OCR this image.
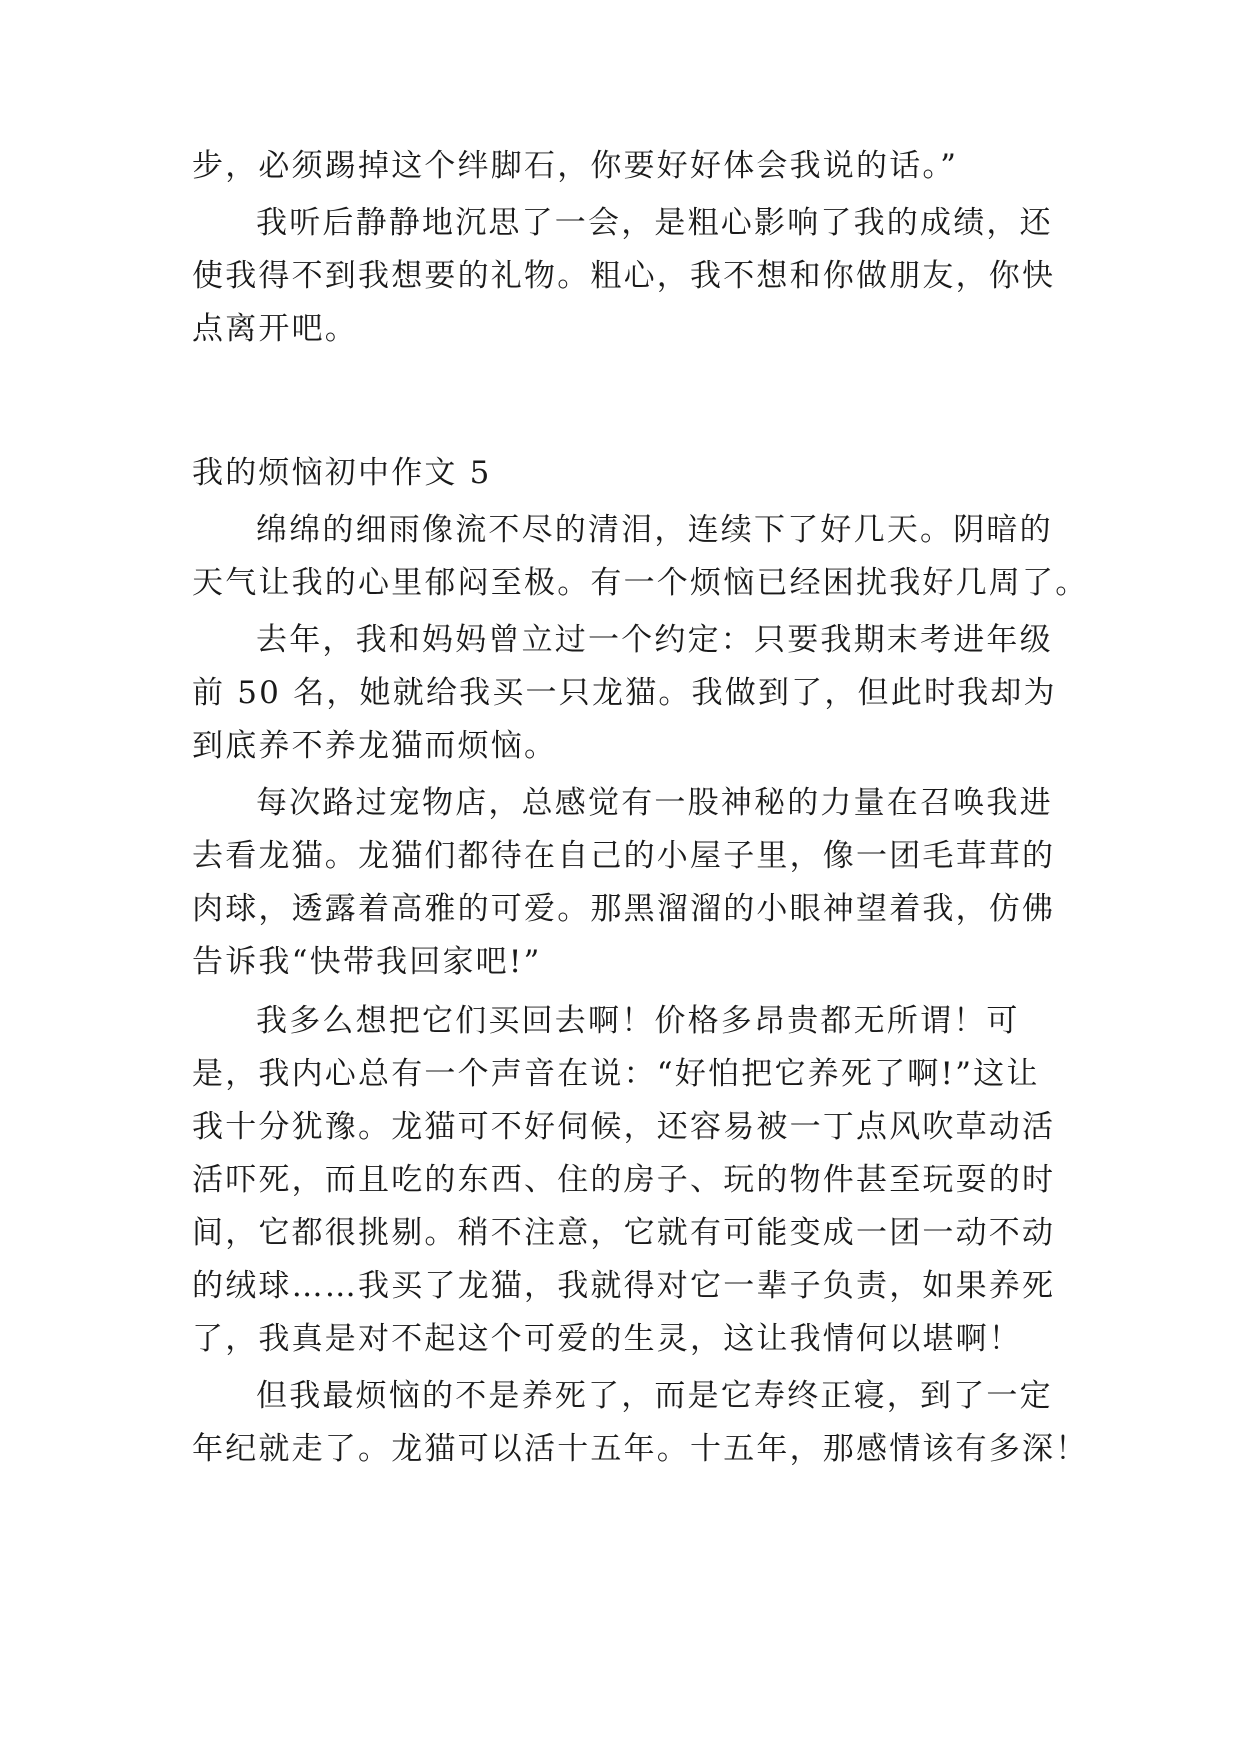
步，必须踢掉这个绊脚石，你要好好体会我说的话。”
我听后静静地沉思了一会，是粗心影响了我的成绩，还
使我得不到我想要的礼物。粗心，我不想和你做朋友，你快
点离开吧。
我的烦恼初中作文 5
绵绵的细雨像流不尽的清泪，连续下了好几天。阴暗的
天气让我的心里郁闷至极。有一个烦恼已经困扰我好几周了。
去年，我和妈妈曾立过一个约定：只要我期末考进年级
前 50 名，她就给我买一只龙猫。我做到了，但此时我却为
到底养不养龙猫而烦恼。
每次路过宠物店，总感觉有一股神秘的力量在召唤我进
去看龙猫。龙猫们都待在自己的小屋子里，像一团毛茸茸的
肉球，透露着高雅的可爱。那黑溜溜的小眼神望着我，仿佛
告诉我“快带我回家吧!”
我多么想把它们买回去啊！价格多昂贵都无所谓！可
是，我内心总有一个声音在说：“好怕把它养死了啊!”这让
我十分犹豫。龙猫可不好伺候，还容易被一丁点风吹草动活
活吓死，而且吃的东西、住的房子、玩的物件甚至玩耍的时
间，它都很挑剔。稍不注意，它就有可能变成一团一动不动
的绒球……我买了龙猫，我就得对它一辈子负责，如果养死
了，我真是对不起这个可爱的生灵，这让我情何以堪啊！
但我最烦恼的不是养死了，而是它寿终正寝，到了一定
年纪就走了。龙猫可以活十五年。十五年，那感情该有多深！
